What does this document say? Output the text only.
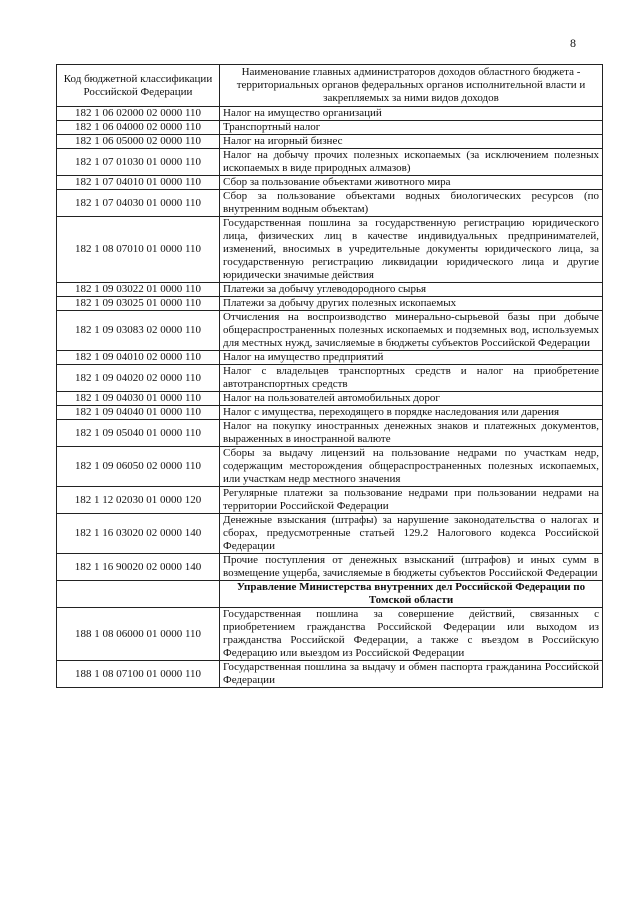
8
Код бюджетной классификации Российской Федерации	Наименование главных администраторов доходов областного бюджета - территориальных органов федеральных органов исполнительной власти и закрепляемых за ними видов доходов
182 1 06 02000 02 0000 110	Налог на имущество организаций
182 1 06 04000 02 0000 110	Транспортный налог
182 1 06 05000 02 0000 110	Налог на игорный бизнес
182 1 07 01030 01 0000 110	Налог на добычу прочих полезных ископаемых (за исключением полезных ископаемых в виде природных алмазов)
182 1 07 04010 01 0000 110	Сбор за пользование объектами животного мира
182 1 07 04030 01 0000 110	Сбор за пользование объектами водных биологических ресурсов (по внутренним водным объектам)
182 1 08 07010 01 0000 110	Государственная пошлина за государственную регистрацию юридического лица, физических лиц в качестве индивидуальных предпринимателей, изменений, вносимых в учредительные документы юридического лица, за государственную регистрацию ликвидации юридического лица и другие юридически значимые действия
182 1 09 03022 01 0000 110	Платежи за добычу углеводородного сырья
182 1 09 03025 01 0000 110	Платежи за добычу других полезных ископаемых
182 1 09 03083 02 0000 110	Отчисления на воспроизводство минерально-сырьевой базы при добыче общераспространенных полезных ископаемых и подземных вод, используемых для местных нужд, зачисляемые в бюджеты субъектов Российской Федерации
182 1 09 04010 02 0000 110	Налог на имущество предприятий
182 1 09 04020 02 0000 110	Налог с владельцев транспортных средств и налог на приобретение автотранспортных средств
182 1 09 04030 01 0000 110	Налог на пользователей автомобильных дорог
182 1 09 04040 01 0000 110	Налог с имущества, переходящего в порядке наследования или дарения
182 1 09 05040 01 0000 110	Налог на покупку иностранных денежных знаков и платежных документов, выраженных в иностранной валюте
182 1 09 06050 02 0000 110	Сборы за выдачу лицензий на пользование недрами по участкам недр, содержащим месторождения общераспространенных полезных ископаемых, или участкам недр местного значения
182 1 12 02030 01 0000 120	Регулярные платежи за пользование недрами при пользовании недрами на территории Российской Федерации
182 1 16 03020 02 0000 140	Денежные взыскания (штрафы) за нарушение законодательства о налогах и сборах, предусмотренные статьей 129.2 Налогового кодекса Российской Федерации
182 1 16 90020 02 0000 140	Прочие поступления от денежных взысканий (штрафов) и иных сумм в возмещение ущерба, зачисляемые в бюджеты субъектов Российской Федерации
	Управление Министерства внутренних дел Российской Федерации по Томской области
188 1 08 06000 01 0000 110	Государственная пошлина за совершение действий, связанных с приобретением гражданства Российской Федерации или выходом из гражданства Российской Федерации, а также с въездом в Российскую Федерацию или выездом из Российской Федерации
188 1 08 07100 01 0000 110	Государственная пошлина за выдачу и обмен паспорта гражданина Российской Федерации
